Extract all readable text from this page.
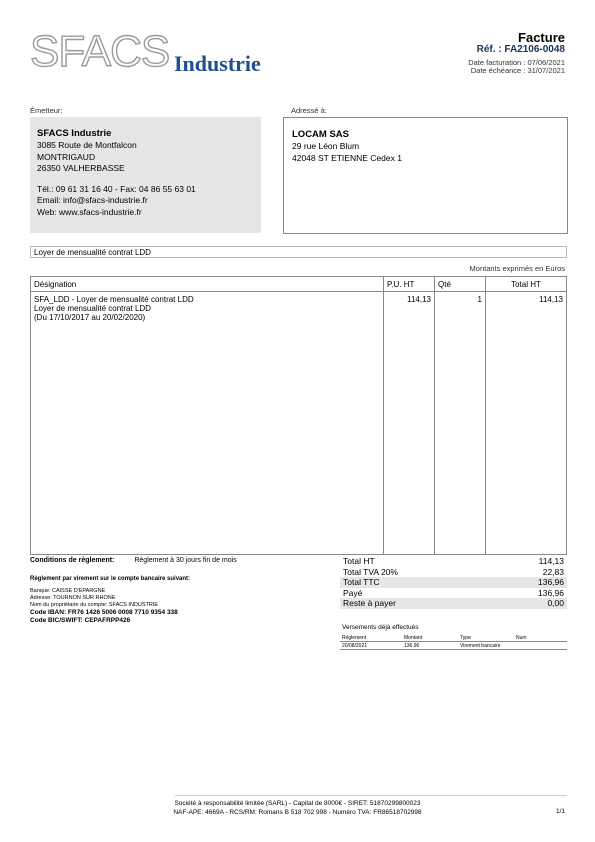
SFACS Industrie
Facture
Réf. : FA2106-0048
Date facturation : 07/06/2021
Date échéance : 31/07/2021
Émetteur:
SFACS Industrie
3085 Route de Montfalcon
MONTRIGAUD
26350 VALHERBASSE
Tél.: 09 61 31 16 40 - Fax: 04 86 55 63 01
Email: info@sfacs-industrie.fr
Web: www.sfacs-industrie.fr
Adressé à:
LOCAM SAS
29 rue Léon Blum
42048 ST ETIENNE Cedex 1
Loyer de mensualité contrat LDD
Montants exprimés en Euros
Désignation	P.U. HT	Qté	Total HT

SFA_LDD - Loyer de mensualité contrat LDD
Loyer de mensualité contrat LDD
(Du 17/10/2017 au 20/02/2020)	114,13	1	114,13
Conditions de règlement:	Règlement à 30 jours fin de mois
Règlement par virement sur le compte bancaire suivant:
Banque: CAISSE D'EPARGNE
Adresse: TOURNON SUR RHONE
Nom du propriétaire du compte: SFACS INDUSTRIE
Code IBAN: FR76 1426 5006 0008 7710 9354 338
Code BIC/SWIFT: CEPAFRPP426
Total HT	114,13
Total TVA 20%	22,83
Total TTC	136,96
Payé	136,96
Reste à payer	0,00
Versements déjà effectués
Règlement	Montant	Type	Num
20/08/2021	136,96	Virement bancaire	
Société à responsabilité limitée (SARL) - Capital de 8000€ - SIRET: 51870299800023
NAF-APE: 4669A - RCS/RM: Romans B 518 702 998 - Numéro TVA: FR86518702998	1/1
